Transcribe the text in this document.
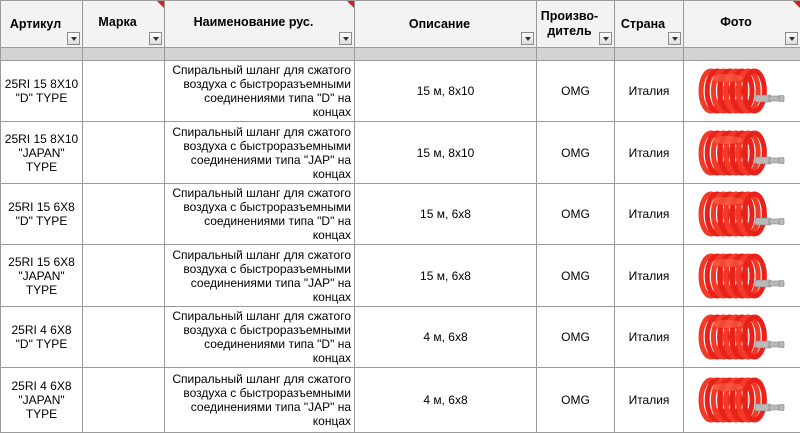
Артикул	Марка	Наименование рус.	Описание	Произво-
дитель	Страна	Фото

25RI 15 8X10
"D" TYPE		Спиральный шланг для сжатого
воздуха с быстроразъемными
соединениями типа "D" на концах	15 м, 8x10	OMG	Италия	

25RI 15 8X10
"JAPAN"
TYPE		Спиральный шланг для сжатого
воздуха с быстроразъемными
соединениями типа "JAP" на
концах	15 м, 8x10	OMG	Италия	

25RI 15 6X8
"D" TYPE		Спиральный шланг для сжатого
воздуха с быстроразъемными
соединениями типа "D" на концах	15 м, 6x8	OMG	Италия	

25RI 15 6X8
"JAPAN"
TYPE		Спиральный шланг для сжатого
воздуха с быстроразъемными
соединениями типа "JAP" на
концах	15 м, 6x8	OMG	Италия	

25RI 4 6X8
"D" TYPE		Спиральный шланг для сжатого
воздуха с быстроразъемными
соединениями типа "D" на концах	4 м, 6x8	OMG	Италия	

25RI 4 6X8
"JAPAN"
TYPE		Спиральный шланг для сжатого
воздуха с быстроразъемными
соединениями типа "JAP" на
концах	4 м, 6x8	OMG	Италия	
